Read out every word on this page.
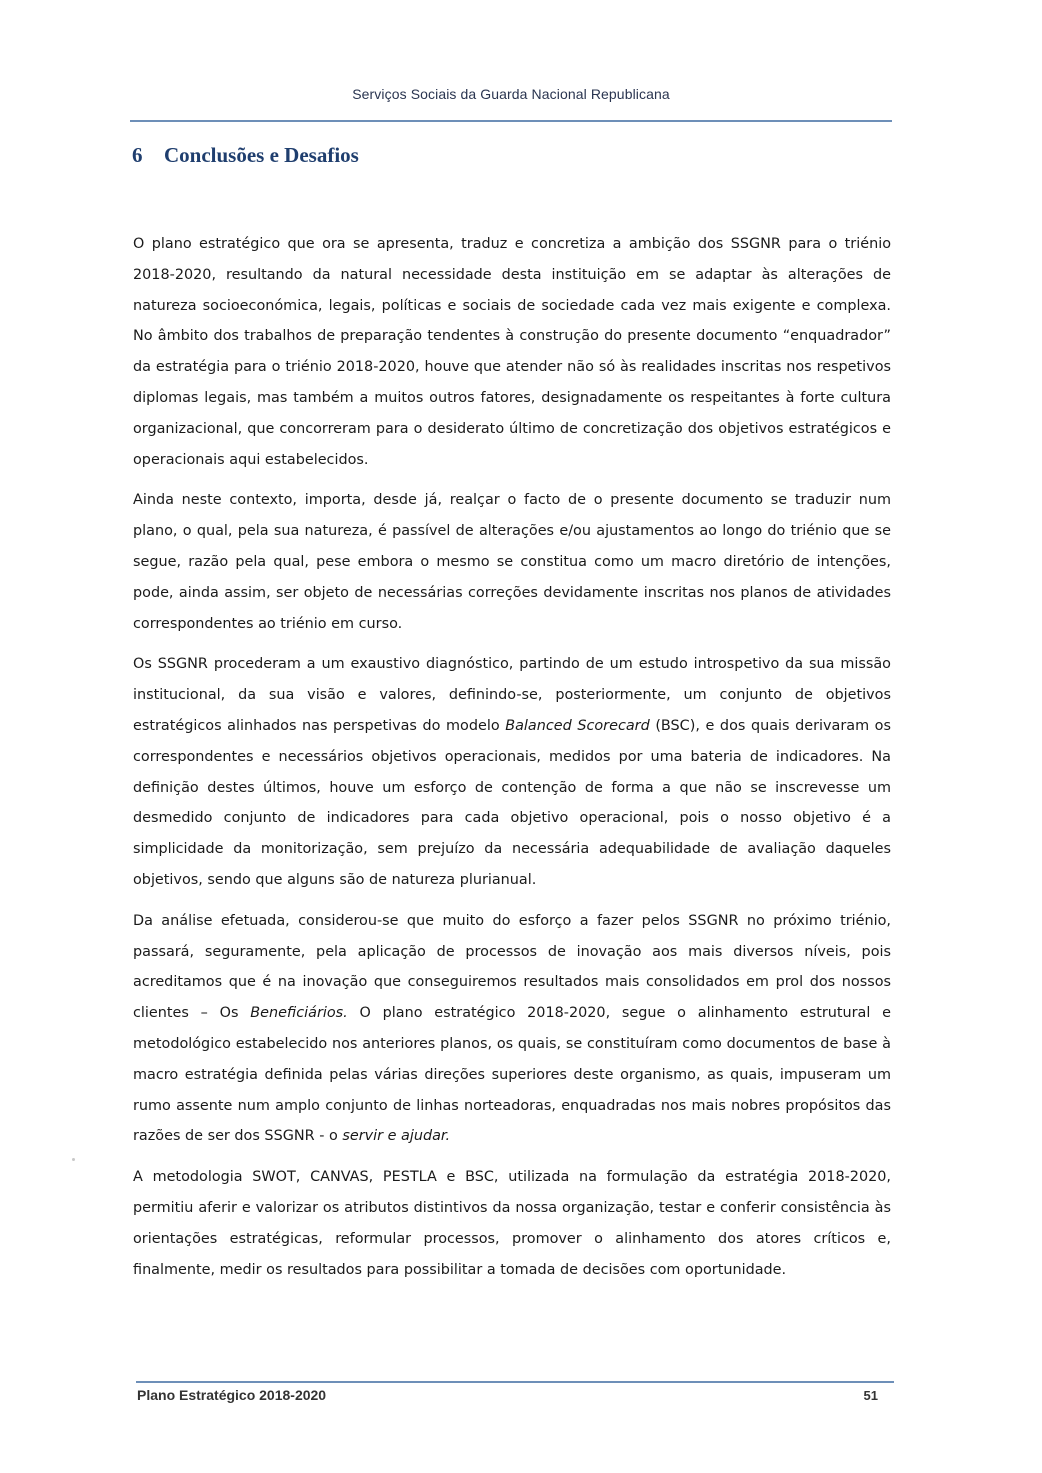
Serviços Sociais da Guarda Nacional Republicana
6 Conclusões e Desafios

O plano estratégico que ora se apresenta, traduz e concretiza a ambição dos SSGNR para o triénio 2018-2020, resultando da natural necessidade desta instituição em se adaptar às alterações de natureza socioeconómica, legais, políticas e sociais de sociedade cada vez mais exigente e complexa. No âmbito dos trabalhos de preparação tendentes à construção do presente documento “enquadrador” da estratégia para o triénio 2018-2020, houve que atender não só às realidades inscritas nos respetivos diplomas legais, mas também a muitos outros fatores, designadamente os respeitantes à forte cultura organizacional, que concorreram para o desiderato último de concretização dos objetivos estratégicos e operacionais aqui estabelecidos.

Ainda neste contexto, importa, desde já, realçar o facto de o presente documento se traduzir num plano, o qual, pela sua natureza, é passível de alterações e/ou ajustamentos ao longo do triénio que se segue, razão pela qual, pese embora o mesmo se constitua como um macro diretório de intenções, pode, ainda assim, ser objeto de necessárias correções devidamente inscritas nos planos de atividades correspondentes ao triénio em curso.

Os SSGNR procederam a um exaustivo diagnóstico, partindo de um estudo introspetivo da sua missão institucional, da sua visão e valores, definindo-se, posteriormente, um conjunto de objetivos estratégicos alinhados nas perspetivas do modelo Balanced Scorecard (BSC), e dos quais derivaram os correspondentes e necessários objetivos operacionais, medidos por uma bateria de indicadores. Na definição destes últimos, houve um esforço de contenção de forma a que não se inscrevesse um desmedido conjunto de indicadores para cada objetivo operacional, pois o nosso objetivo é a simplicidade da monitorização, sem prejuízo da necessária adequabilidade de avaliação daqueles objetivos, sendo que alguns são de natureza plurianual.

Da análise efetuada, considerou-se que muito do esforço a fazer pelos SSGNR no próximo triénio, passará, seguramente, pela aplicação de processos de inovação aos mais diversos níveis, pois acreditamos que é na inovação que conseguiremos resultados mais consolidados em prol dos nossos clientes – Os Beneficiários. O plano estratégico 2018-2020, segue o alinhamento estrutural e metodológico estabelecido nos anteriores planos, os quais, se constituíram como documentos de base à macro estratégia definida pelas várias direções superiores deste organismo, as quais, impuseram um rumo assente num amplo conjunto de linhas norteadoras, enquadradas nos mais nobres propósitos das razões de ser dos SSGNR - o servir e ajudar.

A metodologia SWOT, CANVAS, PESTLA e BSC, utilizada na formulação da estratégia 2018-2020, permitiu aferir e valorizar os atributos distintivos da nossa organização, testar e conferir consistência às orientações estratégicas, reformular processos, promover o alinhamento dos atores críticos e, finalmente, medir os resultados para possibilitar a tomada de decisões com oportunidade.

Plano Estratégico 2018-2020	51
